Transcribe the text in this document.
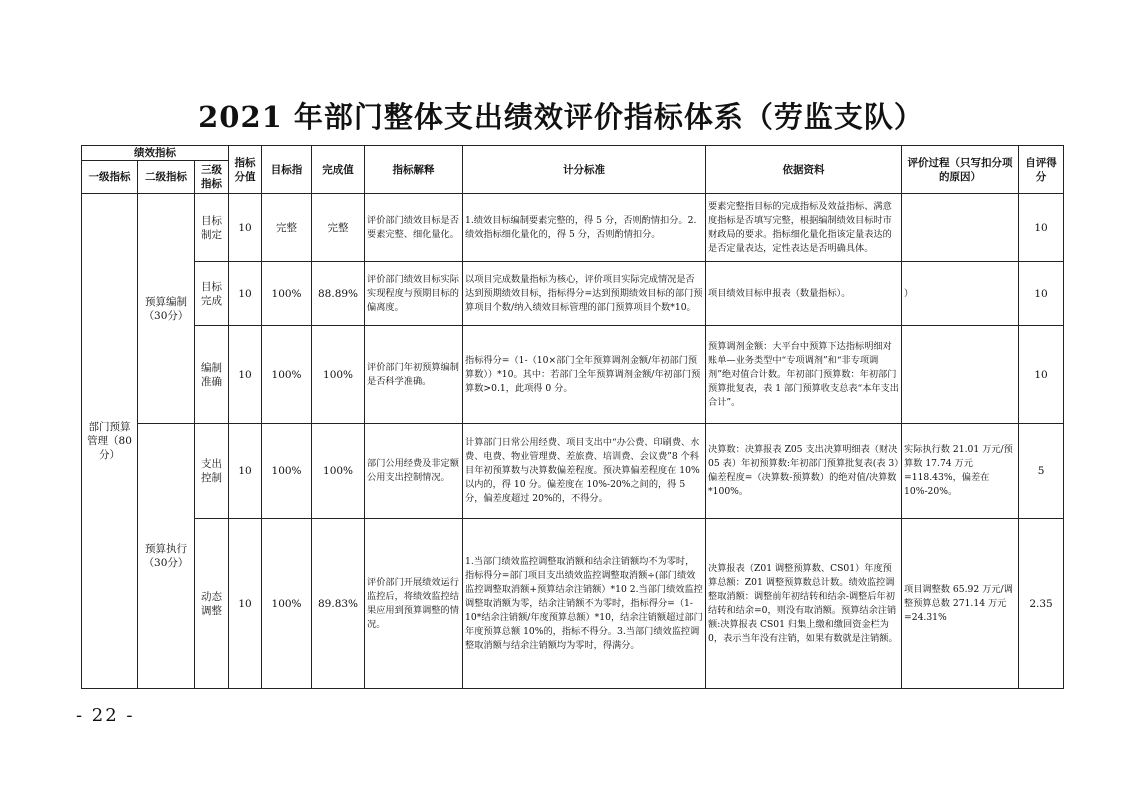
2021 年部门整体支出绩效评价指标体系（劳监支队）
绩效指标			指标分值	目标指	完成值	指标解释	计分标准	依据资料	评价过程（只写扣分项的原因）	自评得分
一级指标	二级指标	三级指标								
部门预算管理（80分）	预算编制（30分）	目标制定	10	完整	完整	评价部门绩效目标是否要素完整、细化量化。	1.绩效目标编制要素完整的，得 5 分，否则酌情扣分。2.绩效指标细化量化的，得 5 分，否则酌情扣分。	要素完整指目标的完成指标及效益指标、满意度指标是否填写完整，根据编制绩效目标时市财政局的要求。指标细化量化指该定量表达的是否定量表达，定性表达是否明确具体。		10
		目标完成	10	100%	88.89%	评价部门绩效目标实际实现程度与预期目标的偏离度。	以项目完成数量指标为核心，评价项目实际完成情况是否达到预期绩效目标，指标得分=达到预期绩效目标的部门预算项目个数/纳入绩效目标管理的部门预算项目个数*10。	项目绩效目标申报表（数量指标）。	）	10
		编制准确	10	100%	100%	评价部门年初预算编制是否科学准确。	指标得分=（1-（10×部门全年预算调剂金额/年初部门预算数））*10。其中：若部门全年预算调剂金额/年初部门预算数>0.1，此项得 0 分。	预算调剂金额：大平台中预算下达指标明细对账单—业务类型中“专项调剂”和“非专项调剂”绝对值合计数。年初部门预算数：年初部门预算批复表，表 1 部门预算收支总表“本年支出合计”。		10
	预算执行（30分）	支出控制	10	100%	100%	部门公用经费及非定额公用支出控制情况。	计算部门日常公用经费、项目支出中“办公费、印刷费、水费、电费、物业管理费、差旅费、培训费、会议费”8 个科目年初预算数与决算数偏差程度。预决算偏差程度在 10%以内的，得 10 分。偏差度在 10%-20%之间的，得 5 分，偏差度超过 20%的，不得分。	决算数：决算报表 Z05 支出决算明细表（财决 05 表）年初预算数:年初部门预算批复表(表 3）偏差程度=（决算数-预算数）的绝对值/决算数*100%。	实际执行数 21.01 万元/预算数 17.74 万元=118.43%，偏差在 10%-20%。	5
		动态调整	10	100%	89.83%	评价部门开展绩效运行监控后，将绩效监控结果应用到预算调整的情况。	1.当部门绩效监控调整取消额和结余注销额均不为零时，指标得分=部门项目支出绩效监控调整取消额÷(部门绩效监控调整取消额+预算结余注销额）*10 2.当部门绩效监控调整取消额为零，结余注销额不为零时，指标得分=（1-10*结余注销额/年度预算总额）*10，结余注销额超过部门年度预算总额 10%的，指标不得分。3.当部门绩效监控调整取消额与结余注销额均为零时，得满分。	决算报表（Z01 调整预算数、CS01）年度预算总额：Z01 调整预算数总计数。绩效监控调整取消额：调整前年初结转和结余-调整后年初结转和结余=0，则没有取消额。预算结余注销额:决算报表 CS01 归集上缴和缴回资金栏为 0，表示当年没有注销，如果有数就是注销额。	项目调整数 65.92 万元/调整预算总数 271.14 万元=24.31%	2.35
- 22 -
